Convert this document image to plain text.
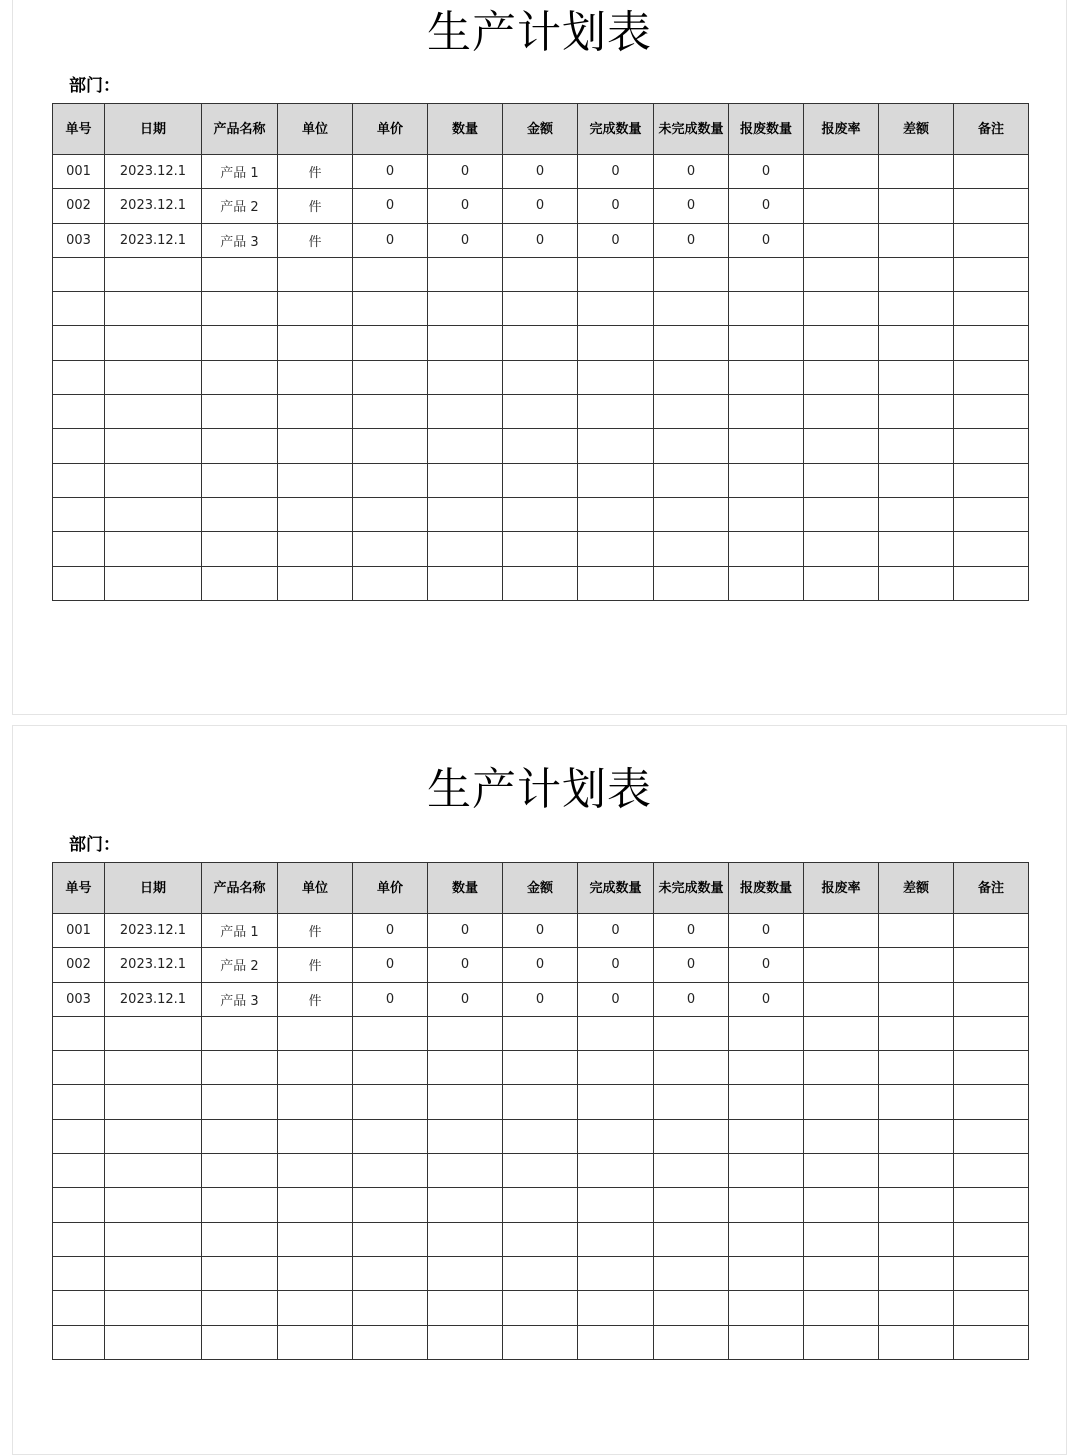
生产计划表
部门：
单号	日期	产品名称	单位	单价	数量	金额	完成数量	未完成数量	报废数量	报废率	差额	备注
001	2023.12.1	产品 1	件	0	0	0	0	0	0			
002	2023.12.1	产品 2	件	0	0	0	0	0	0			
003	2023.12.1	产品 3	件	0	0	0	0	0	0			

生产计划表
部门：
单号	日期	产品名称	单位	单价	数量	金额	完成数量	未完成数量	报废数量	报废率	差额	备注
001	2023.12.1	产品 1	件	0	0	0	0	0	0			
002	2023.12.1	产品 2	件	0	0	0	0	0	0			
003	2023.12.1	产品 3	件	0	0	0	0	0	0			
